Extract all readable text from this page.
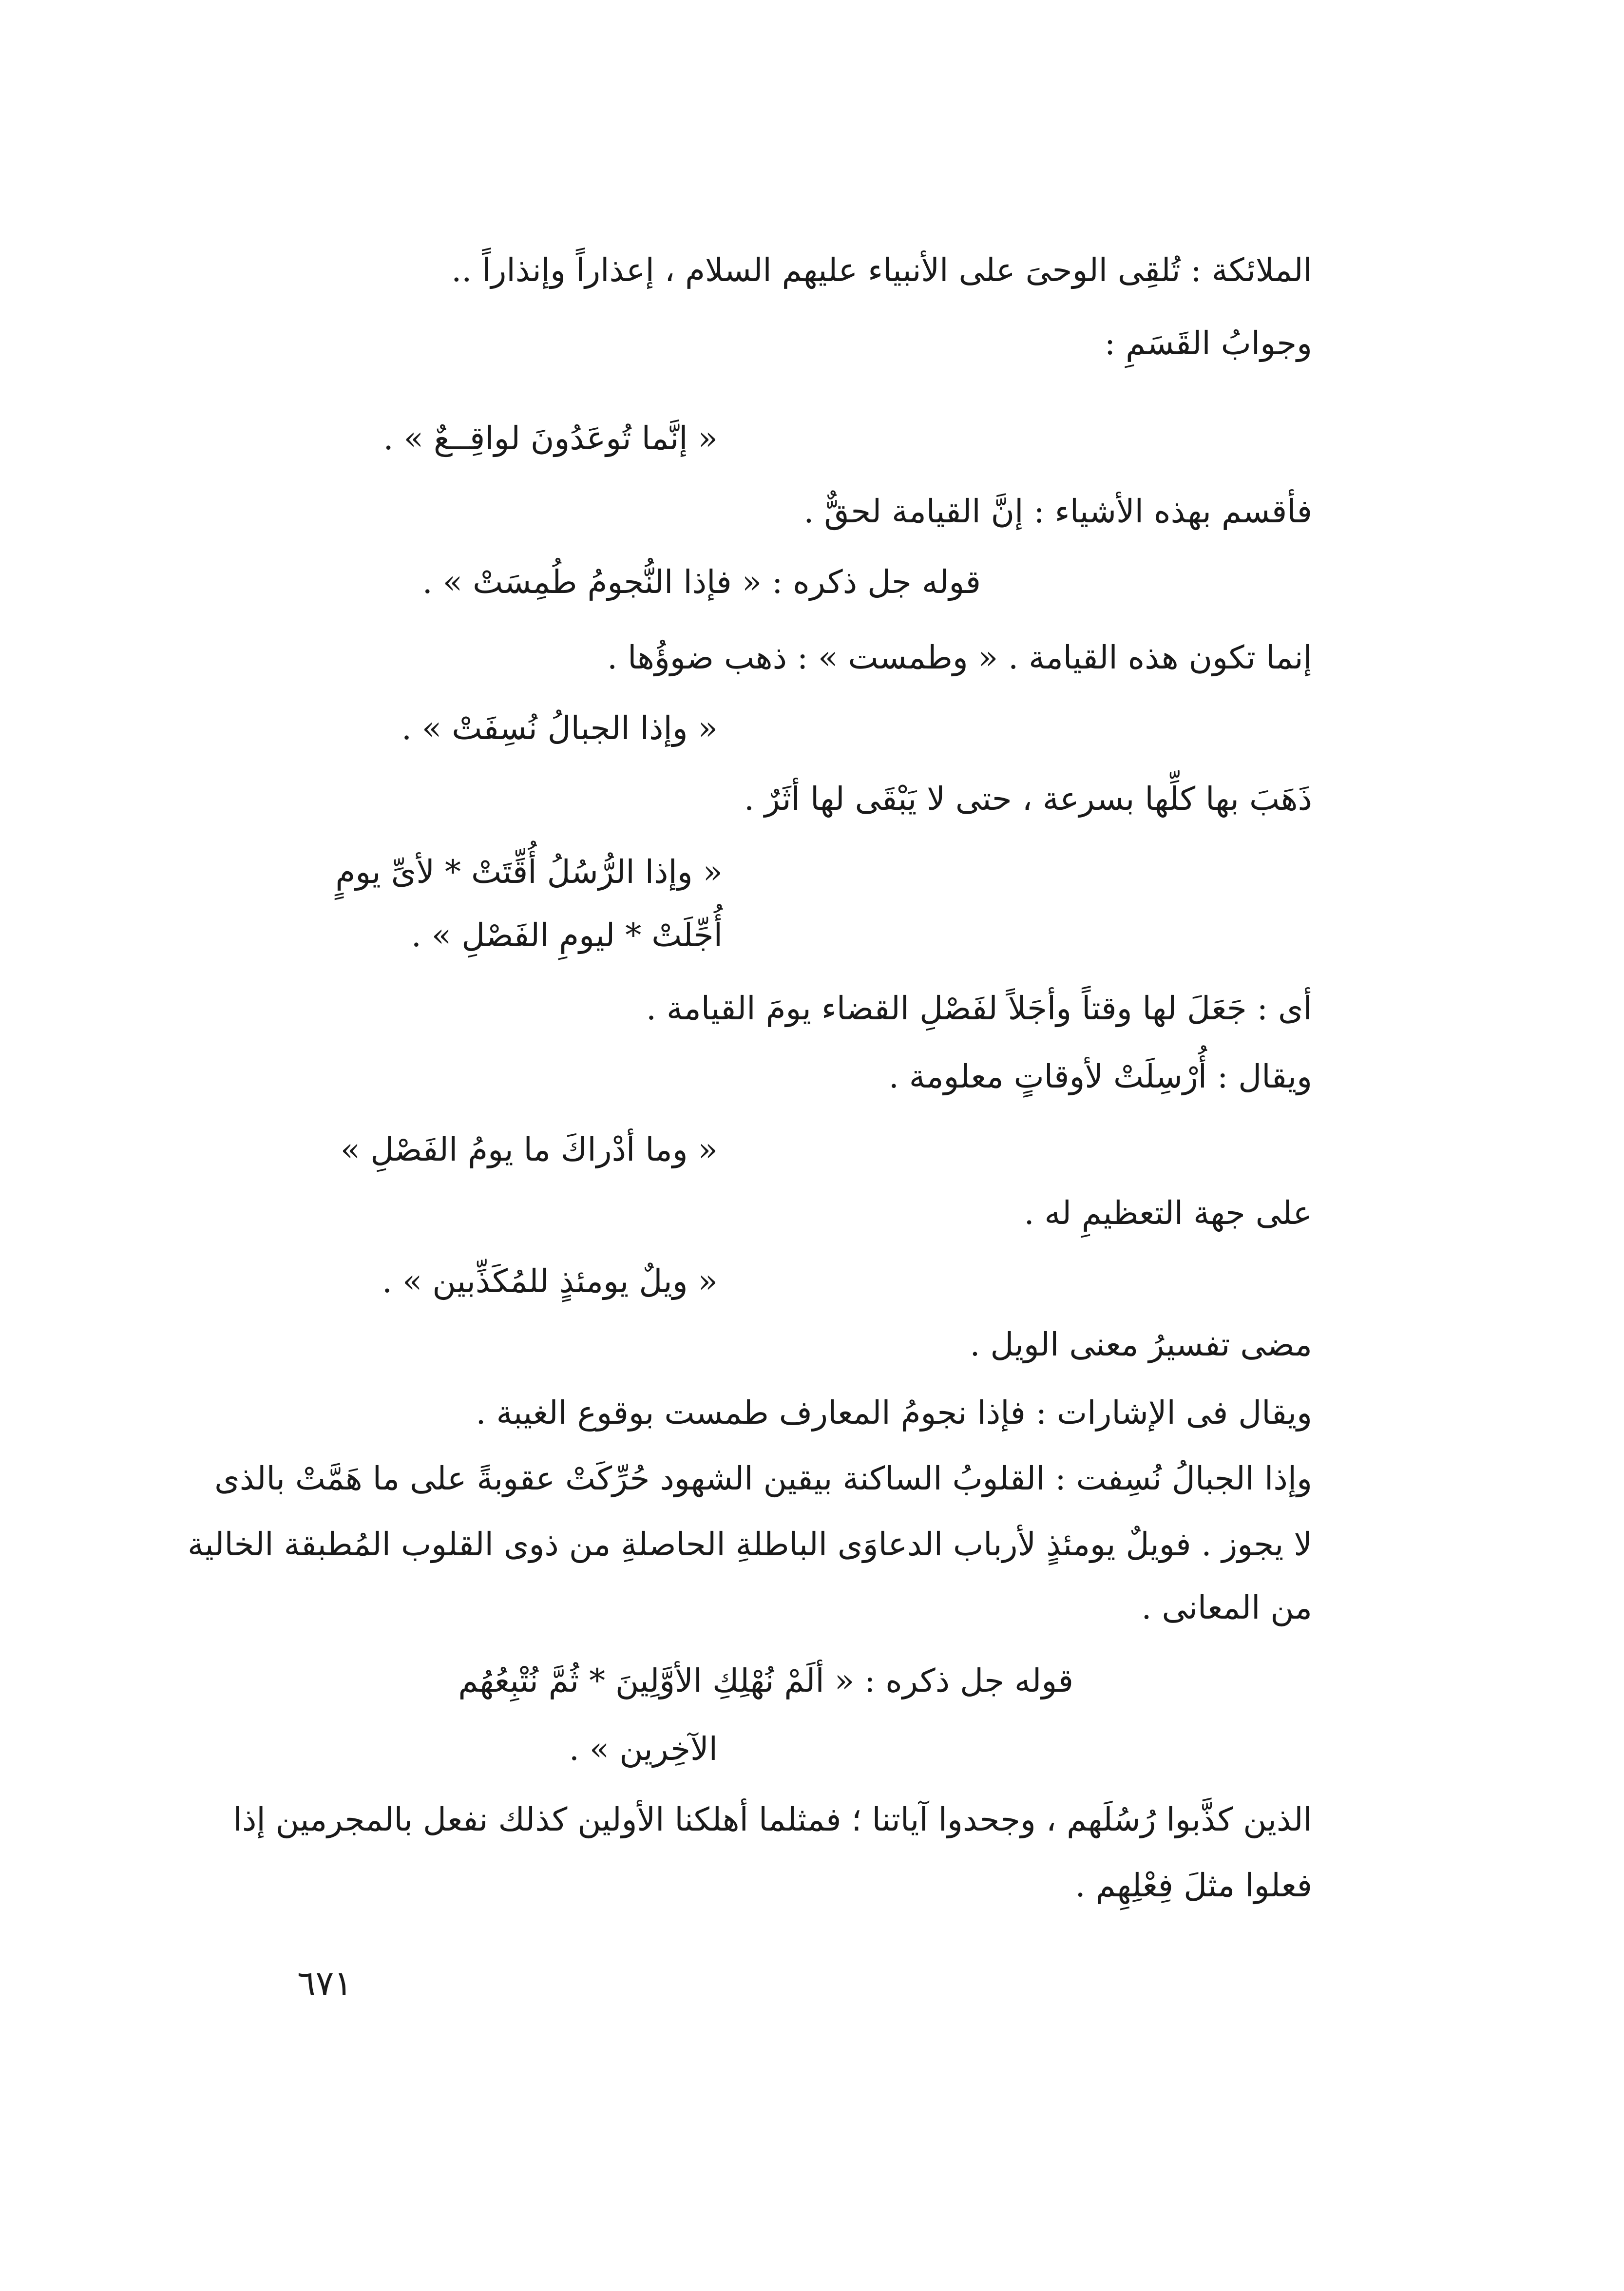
الملائكة : تُلقِى الوحىَ على الأنبياء عليهم السلام ، إعذاراً وإنذاراً ..
وجوابُ القَسَمِ :
« إنَّما تُوعَدُونَ لواقِــعٌ » .
فأقسم بهذه الأشياء : إنَّ القيامة لحقٌّ .
قوله جل ذكره : « فإذا النُّجومُ طُمِسَتْ » .
إنما تكون هذه القيامة . « وطمست » : ذهب ضوؤُها .
« وإذا الجبالُ نُسِفَتْ » .
ذَهَبَ بها كلِّها بسرعة ، حتى لا يَبْقَى لها أثَرٌ .
« وإذا الرُّسُلُ أُقِّتَتْ * لأىِّ يومٍ
أُجِّلَتْ * ليومِ الفَصْلِ » .
أى : جَعَلَ لها وقتاً وأجَلاً لفَصْلِ القضاء يومَ القيامة .
ويقال : أُرْسِلَتْ لأوقاتٍ معلومة .
« وما أدْراكَ ما يومُ الفَصْلِ »
على جهة التعظيمِ له .
« ويلٌ يومئذٍ للمُكَذِّبين » .
مضى تفسيرُ معنى الويل .
ويقال فى الإشارات : فإذا نجومُ المعارف طمست بوقوع الغيبة .
وإذا الجبالُ نُسِفت : القلوبُ الساكنة بيقين الشهود حُرِّكَتْ عقوبةً على ما هَمَّتْ بالذى
لا يجوز . فويلٌ يومئذٍ لأرباب الدعاوَى الباطلةِ الحاصلةِ من ذوى القلوب المُطبقة الخالية
من المعانى .
قوله جل ذكره : « ألَمْ نُهْلِكِ الأوَّلِينَ * ثُمَّ نُتْبِعُهُم
الآخِرين » .
الذين كذَّبوا رُسُلَهم ، وجحدوا آياتنا ؛ فمثلما أهلكنا الأولين كذلك نفعل بالمجرمين إذا
فعلوا مثلَ فِعْلِهِم .
٦٧١
